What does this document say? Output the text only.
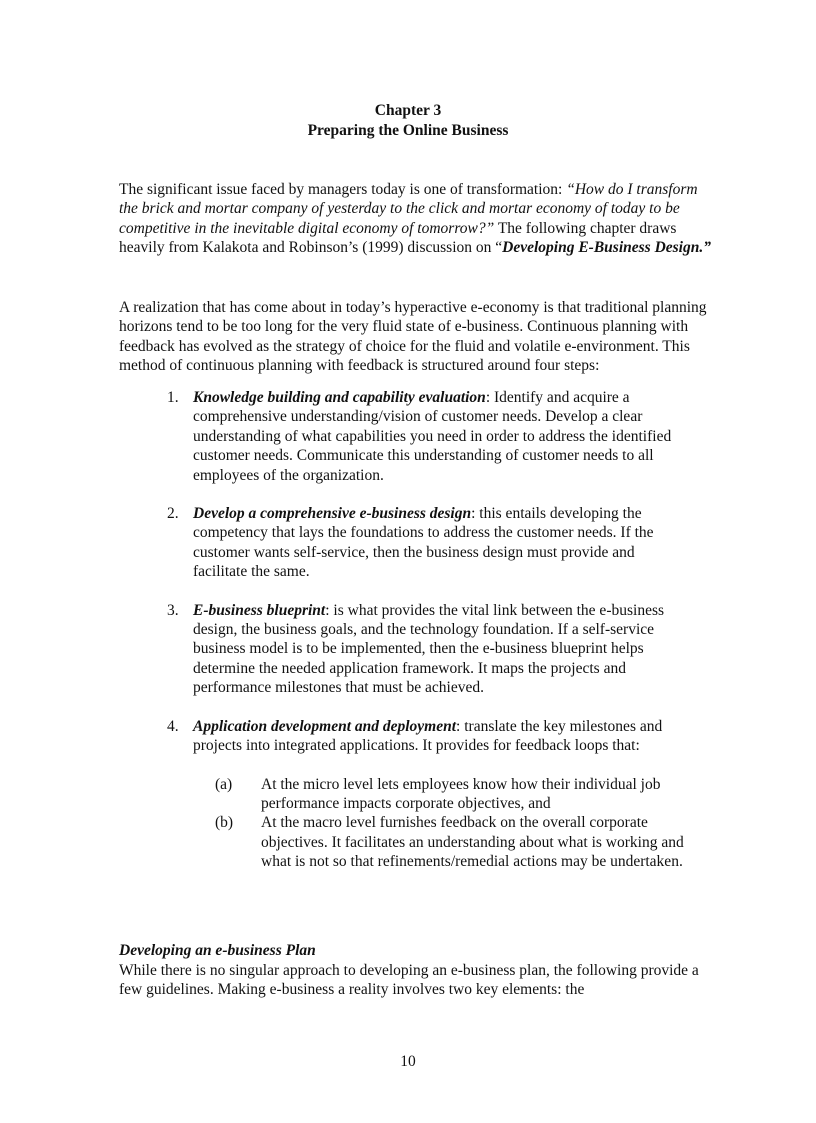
Chapter 3
Preparing the Online Business

The significant issue faced by managers today is one of transformation: “How do I transform the brick and mortar company of yesterday to the click and mortar economy of today to be competitive in the inevitable digital economy of tomorrow?” The following chapter draws heavily from Kalakota and Robinson’s (1999) discussion on “Developing E-Business Design.”

A realization that has come about in today’s hyperactive e-economy is that traditional planning horizons tend to be too long for the very fluid state of e-business. Continuous planning with feedback has evolved as the strategy of choice for the fluid and volatile e-environment. This method of continuous planning with feedback is structured around four steps:

1. Knowledge building and capability evaluation: Identify and acquire a comprehensive understanding/vision of customer needs. Develop a clear understanding of what capabilities you need in order to address the identified customer needs. Communicate this understanding of customer needs to all employees of the organization.
2. Develop a comprehensive e-business design: this entails developing the competency that lays the foundations to address the customer needs. If the customer wants self-service, then the business design must provide and facilitate the same.
3. E-business blueprint: is what provides the vital link between the e-business design, the business goals, and the technology foundation. If a self-service business model is to be implemented, then the e-business blueprint helps determine the needed application framework. It maps the projects and performance milestones that must be achieved.
4. Application development and deployment: translate the key milestones and projects into integrated applications. It provides for feedback loops that:
(a) At the micro level lets employees know how their individual job performance impacts corporate objectives, and
(b) At the macro level furnishes feedback on the overall corporate objectives. It facilitates an understanding about what is working and what is not so that refinements/remedial actions may be undertaken.

Developing an e-business Plan

While there is no singular approach to developing an e-business plan, the following provide a few guidelines. Making e-business a reality involves two key elements: the

10
